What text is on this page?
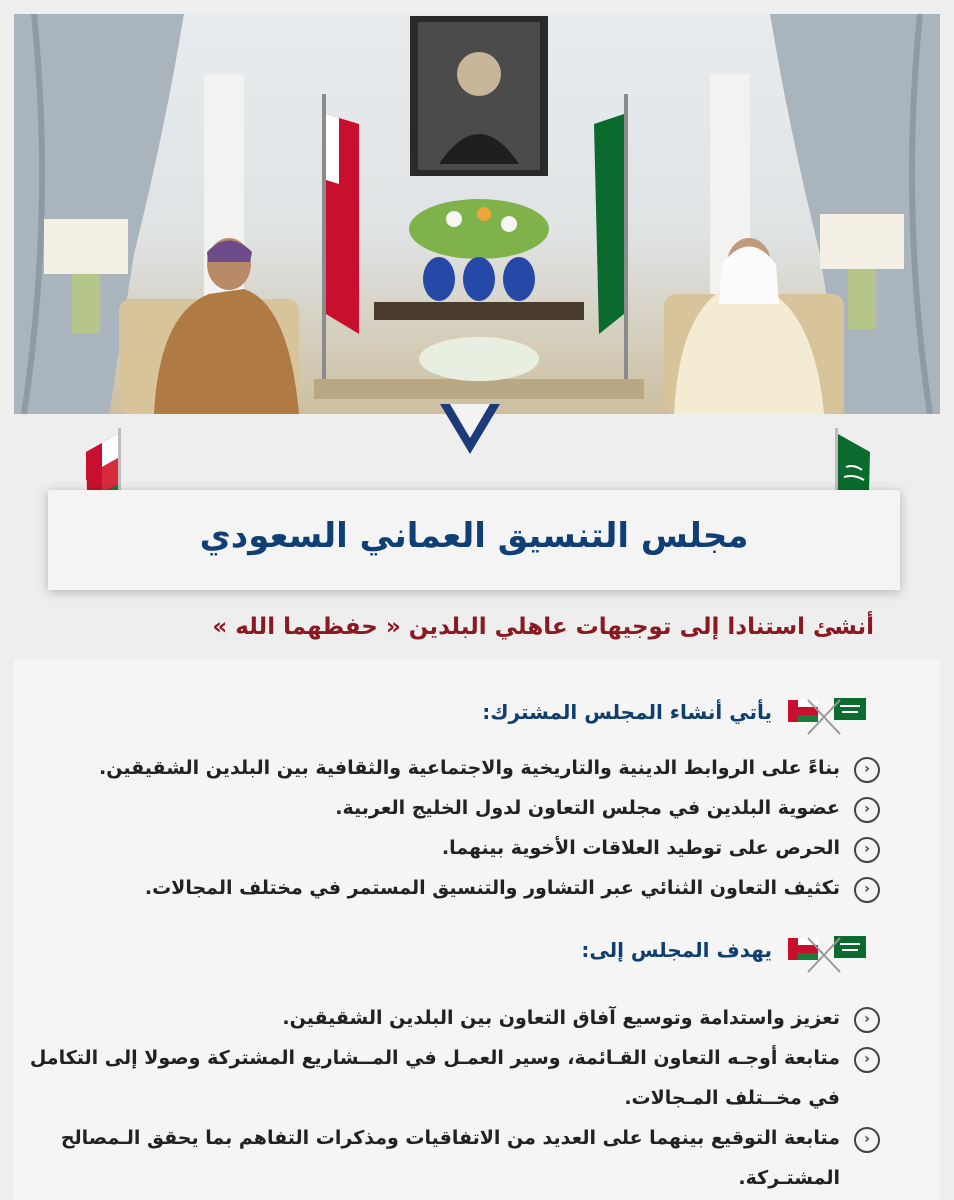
مجلس التنسيق العماني السعودي
أنشئ استنادا إلى توجيهات عاهلي البلدين « حفظهما الله »
يأتي أنشاء المجلس المشترك:
‹
بناءً على الروابط الدينية والتاريخية والاجتماعية والثقافية بين البلدين الشقيقين.
‹
عضوية البلدين في مجلس التعاون لدول الخليج العربية.
‹
الحرص على توطيد العلاقات الأخوية بينهما.
‹
تكثيف التعاون الثنائي عبر التشاور والتنسيق المستمر في مختلف المجالات.
يهدف المجلس إلى:
‹
تعزيز واستدامة وتوسيع آفاق التعاون بين البلدين الشقيقين.
‹
متابعة أوجـه التعاون القـائمة، وسير العمـل في المــشاريع المشتركة وصولا إلى التكامل في مخــتلف المـجالات.
‹
متابعة التوقيع بينهما على العديد من الاتفاقيات ومذكرات التفاهم بما يحقق الـمصالح المشتـركة.
